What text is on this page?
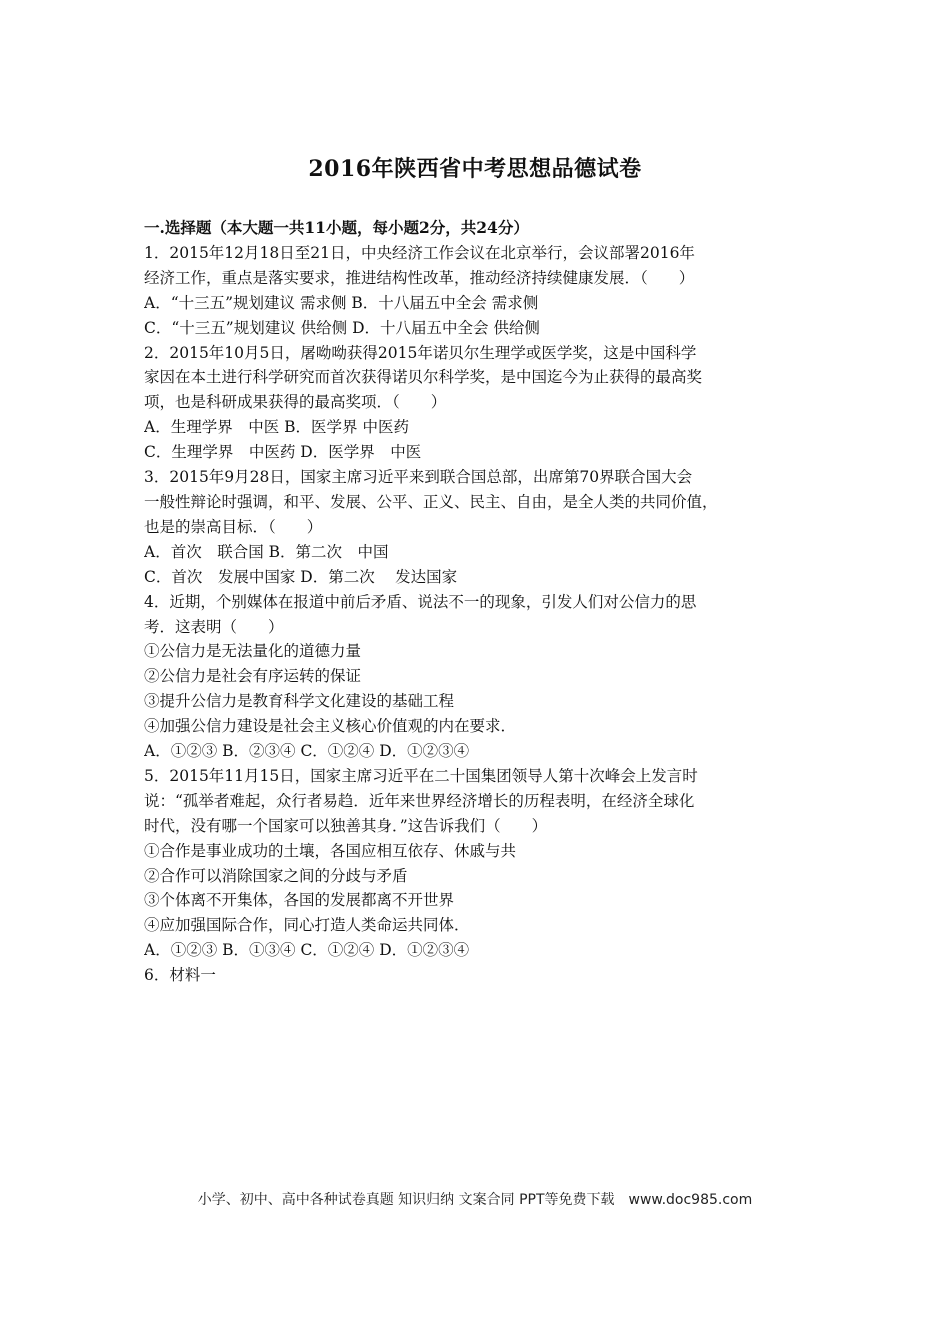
2016年陕西省中考思想品德试卷
一.选择题（本大题一共11小题，每小题2分，共24分）
1．2015年12月18日至21日，中央经济工作会议在北京举行，会议部署2016年
经济工作，重点是落实要求，推进结构性改革，推动经济持续健康发展．（　　）
A．“十三五”规划建议 需求侧 B．十八届五中全会 需求侧
C．“十三五”规划建议 供给侧 D．十八届五中全会 供给侧
2．2015年10月5日，屠呦呦获得2015年诺贝尔生理学或医学奖，这是中国科学
家因在本土进行科学研究而首次获得诺贝尔科学奖，是中国迄今为止获得的最高奖
项，也是科研成果获得的最高奖项．（　　）
A．生理学界　中医 B．医学界 中医药
C．生理学界　中医药 D．医学界　中医
3．2015年9月28日，国家主席习近平来到联合国总部，出席第70界联合国大会
一般性辩论时强调，和平、发展、公平、正义、民主、自由，是全人类的共同价值，
也是的崇高目标．（　　）
A．首次　联合国 B．第二次　中国
C．首次　发展中国家 D．第二次　 发达国家
4．近期，个别媒体在报道中前后矛盾、说法不一的现象，引发人们对公信力的思
考．这表明（　　）
①公信力是无法量化的道德力量
②公信力是社会有序运转的保证
③提升公信力是教育科学文化建设的基础工程
④加强公信力建设是社会主义核心价值观的内在要求．
A．①②③ B．②③④ C．①②④ D．①②③④
5．2015年11月15日，国家主席习近平在二十国集团领导人第十次峰会上发言时
说：“孤举者难起，众行者易趋．近年来世界经济增长的历程表明，在经济全球化
时代，没有哪一个国家可以独善其身．”这告诉我们（　　）
①合作是事业成功的土壤，各国应相互依存、休戚与共
②合作可以消除国家之间的分歧与矛盾
③个体离不开集体，各国的发展都离不开世界
④应加强国际合作，同心打造人类命运共同体．
A．①②③ B．①③④ C．①②④ D．①②③④
6．材料一
小学、初中、高中各种试卷真题 知识归纳 文案合同 PPT等免费下载　www.doc985.com
